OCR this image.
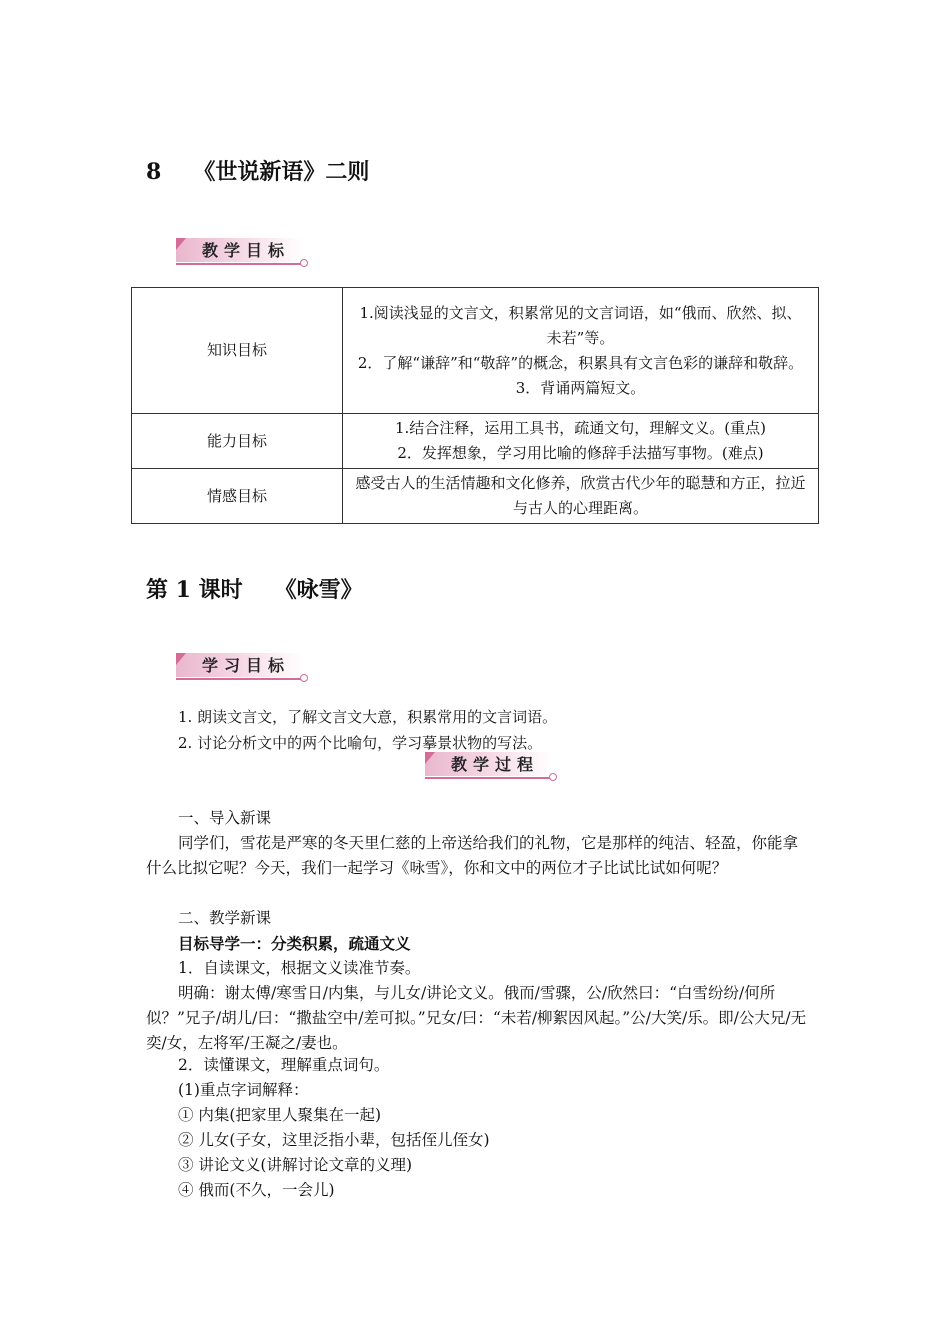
8 《世说新语》二则
教学目标
知识目标	1.阅读浅显的文言文，积累常见的文言词语，如“俄而、欣然、拟、未若”等。
2．了解“谦辞”和“敬辞”的概念，积累具有文言色彩的谦辞和敬辞。
3．背诵两篇短文。

能力目标	1.结合注释，运用工具书，疏通文句，理解文义。(重点)
2．发挥想象，学习用比喻的修辞手法描写事物。(难点)

情感目标	感受古人的生活情趣和文化修养，欣赏古代少年的聪慧和方正，拉近与古人的心理距离。
第 1 课时 《咏雪》
学习目标
1. 朗读文言文，了解文言文大意，积累常用的文言词语。
2. 讨论分析文中的两个比喻句，学习摹景状物的写法。
教学过程
一、导入新课
同学们，雪花是严寒的冬天里仁慈的上帝送给我们的礼物，它是那样的纯洁、轻盈，你能拿什么比拟它呢？今天，我们一起学习《咏雪》，你和文中的两位才子比试比试如何呢？
二、教学新课
目标导学一：分类积累，疏通文义
1．自读课文，根据文义读准节奏。
明确：谢太傅/寒雪日/内集，与儿女/讲论文义。俄而/雪骤，公/欣然曰：“白雪纷纷/何所似？”兄子/胡儿/曰：“撒盐空中/差可拟。”兄女/曰：“未若/柳絮因风起。”公/大笑/乐。即/公大兄/无奕/女，左将军/王凝之/妻也。
2．读懂课文，理解重点词句。
(1)重点字词解释：
① 内集(把家里人聚集在一起)
② 儿女(子女，这里泛指小辈，包括侄儿侄女)
③ 讲论文义(讲解讨论文章的义理)
④ 俄而(不久，一会儿)
